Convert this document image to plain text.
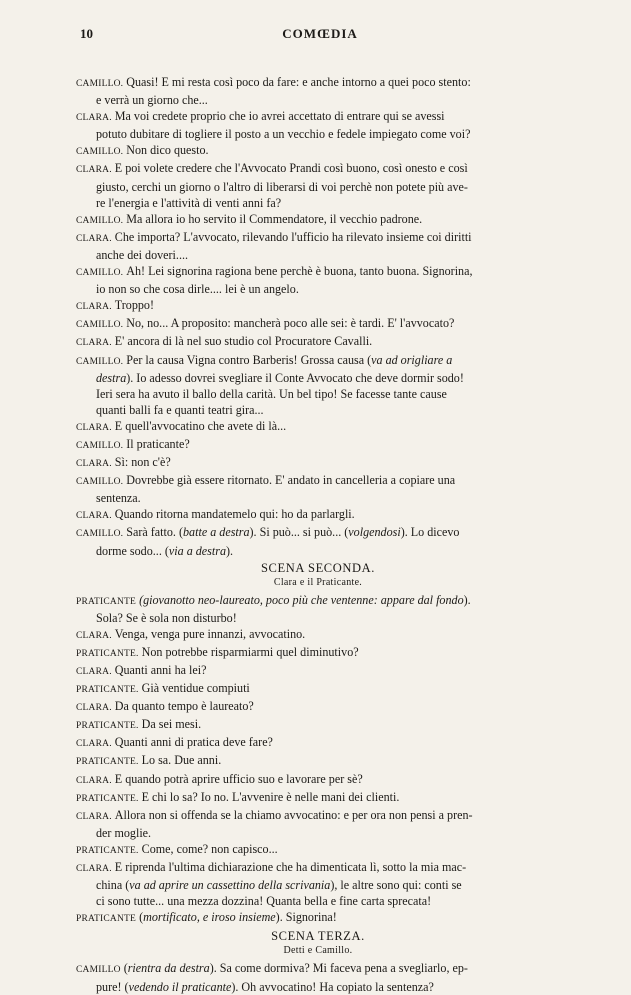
10	COMŒDIA
CAMILLO. Quasi! E mi resta così poco da fare: e anche intorno a quei poco stento:
e verrà un giorno che...
CLARA. Ma voi credete proprio che io avrei accettato di entrare qui se avessi
potuto dubitare di togliere il posto a un vecchio e fedele impiegato come voi?
CAMILLO. Non dico questo.
CLARA. E poi volete credere che l'Avvocato Prandi così buono, così onesto e così
giusto, cerchi un giorno o l'altro di liberarsi di voi perchè non potete più ave-
re l'energia e l'attività di venti anni fa?
CAMILLO. Ma allora io ho servito il Commendatore, il vecchio padrone.
CLARA. Che importa? L'avvocato, rilevando l'ufficio ha rilevato insieme coi diritti
anche dei doveri....
CAMILLO. Ah! Lei signorina ragiona bene perchè è buona, tanto buona. Signorina,
io non so che cosa dirle.... lei è un angelo.
CLARA. Troppo!
CAMILLO. No, no... A proposito: mancherà poco alle sei: è tardi. E' l'avvocato?
CLARA. E' ancora di là nel suo studio col Procuratore Cavalli.
CAMILLO. Per la causa Vigna contro Barberis! Grossa causa (va ad origliare a
destra). Io adesso dovrei svegliare il Conte Avvocato che deve dormir sodo!
Ieri sera ha avuto il ballo della carità. Un bel tipo! Se facesse tante cause
quanti balli fa e quanti teatri gira...
CLARA. E quell'avvocatino che avete di là...
CAMILLO. Il praticante?
CLARA. Sì: non c'è?
CAMILLO. Dovrebbe già essere ritornato. E' andato in cancelleria a copiare una
sentenza.
CLARA. Quando ritorna mandatemelo qui: ho da parlargli.
CAMILLO. Sarà fatto. (batte a destra). Si può... si può... (volgendosi). Lo dicevo
dorme sodo... (via a destra).
SCENA SECONDA.
Clara e il Praticante.
PRATICANTE (giovanotto neo-laureato, poco più che ventenne: appare dal fondo).
Sola? Se è sola non disturbo!
CLARA. Venga, venga pure innanzi, avvocatino.
PRATICANTE. Non potrebbe risparmiarmi quel diminutivo?
CLARA. Quanti anni ha lei?
PRATICANTE. Già ventidue compiuti
CLARA. Da quanto tempo è laureato?
PRATICANTE. Da sei mesi.
CLARA. Quanti anni di pratica deve fare?
PRATICANTE. Lo sa. Due anni.
CLARA. E quando potrà aprire ufficio suo e lavorare per sè?
PRATICANTE. E chi lo sa? Io no. L'avvenire è nelle mani dei clienti.
CLARA. Allora non si offenda se la chiamo avvocatino: e per ora non pensi a pren-
der moglie.
PRATICANTE. Come, come? non capisco...
CLARA. E riprenda l'ultima dichiarazione che ha dimenticata lì, sotto la mia mac-
china (va ad aprire un cassettino della scrivania), le altre sono qui: conti se
ci sono tutte... una mezza dozzina! Quanta bella e fine carta sprecata!
PRATICANTE (mortificato, e iroso insieme). Signorina!
SCENA TERZA.
Detti e Camillo.
CAMILLO (rientra da destra). Sa come dormiva? Mi faceva pena a svegliarlo, ep-
pure! (vedendo il praticante). Oh avvocatino! Ha copiato la sentenza?
